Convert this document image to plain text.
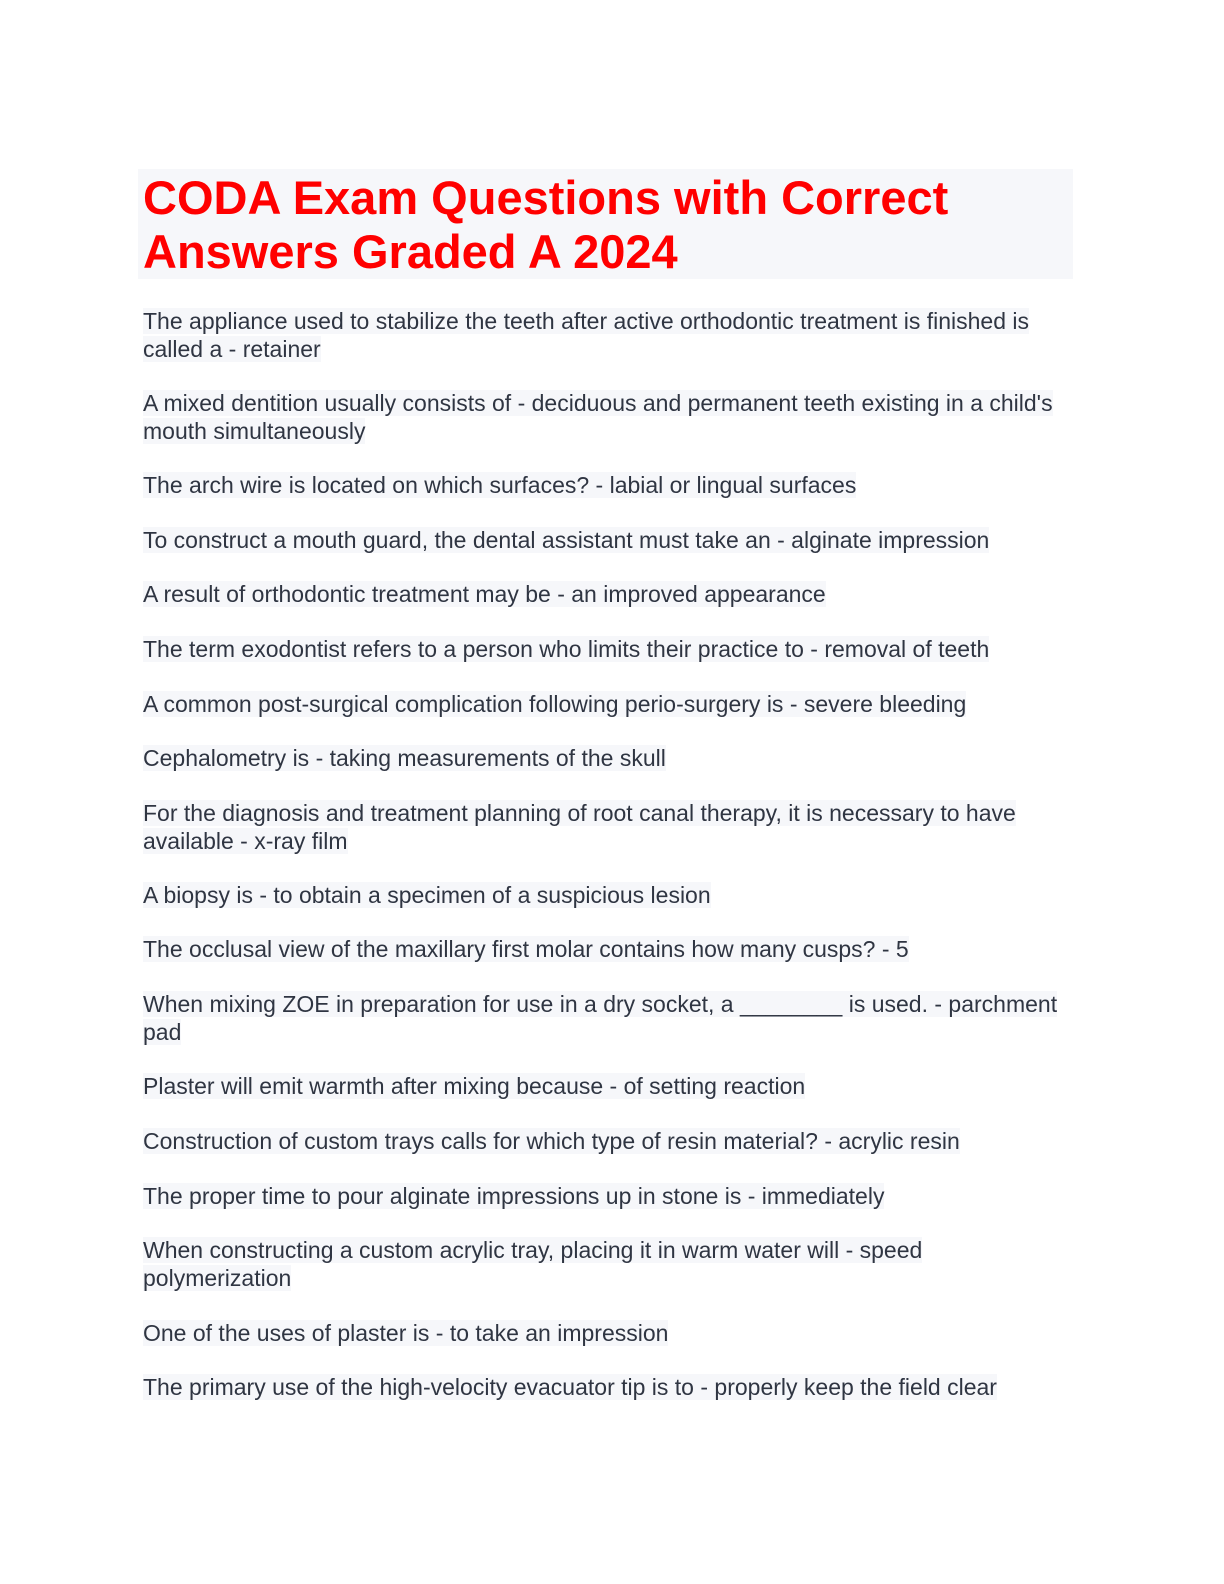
CODA Exam Questions with Correct
Answers Graded A 2024

The appliance used to stabilize the teeth after active orthodontic treatment is finished is called a - retainer

A mixed dentition usually consists of - deciduous and permanent teeth existing in a child's mouth simultaneously

The arch wire is located on which surfaces? - labial or lingual surfaces

To construct a mouth guard, the dental assistant must take an - alginate impression

A result of orthodontic treatment may be - an improved appearance

The term exodontist refers to a person who limits their practice to - removal of teeth

A common post-surgical complication following perio-surgery is - severe bleeding

Cephalometry is - taking measurements of the skull

For the diagnosis and treatment planning of root canal therapy, it is necessary to have available - x-ray film

A biopsy is - to obtain a specimen of a suspicious lesion

The occlusal view of the maxillary first molar contains how many cusps? - 5

When mixing ZOE in preparation for use in a dry socket, a ________ is used. - parchment pad

Plaster will emit warmth after mixing because - of setting reaction

Construction of custom trays calls for which type of resin material? - acrylic resin

The proper time to pour alginate impressions up in stone is - immediately

When constructing a custom acrylic tray, placing it in warm water will - speed polymerization

One of the uses of plaster is - to take an impression

The primary use of the high-velocity evacuator tip is to - properly keep the field clear
